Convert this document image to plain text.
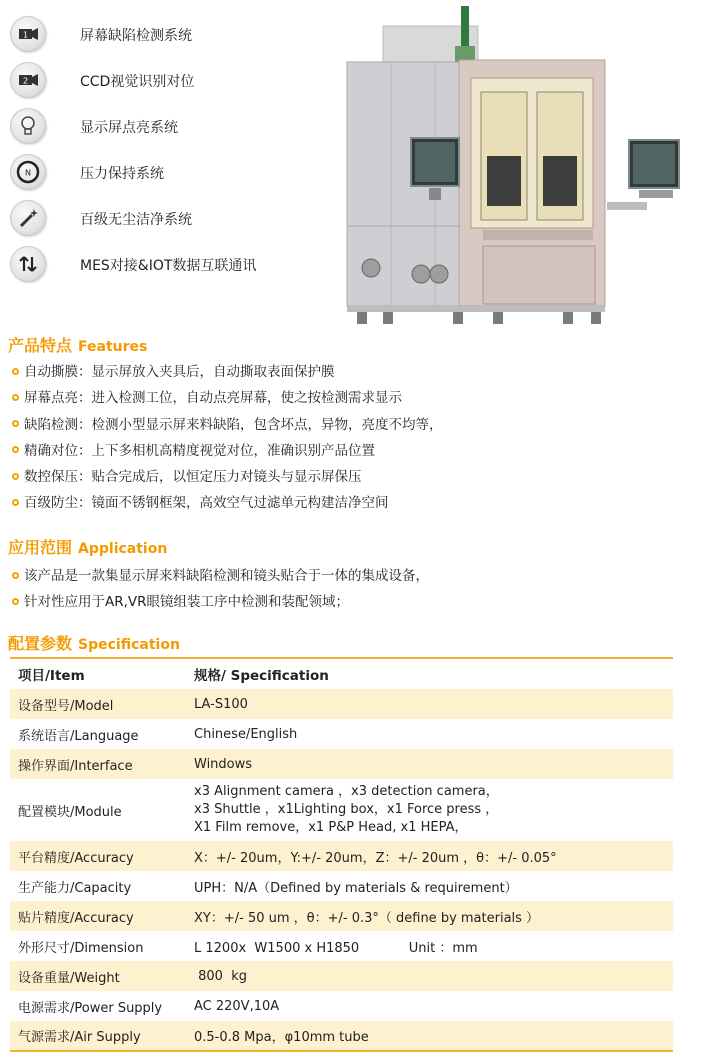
1	屏幕缺陷检测系统
2	CCD视觉识别对位
显示屏点亮系统
N	压力保持系统
百级无尘洁净系统
MES对接&IOT数据互联通讯
产品特点 Features
自动撕膜：显示屏放入夹具后，自动撕取表面保护膜
屏幕点亮：进入检测工位，自动点亮屏幕，使之按检测需求显示
缺陷检测：检测小型显示屏来料缺陷，包含坏点，异物，亮度不均等，
精确对位：上下多相机高精度视觉对位，准确识别产品位置
数控保压：贴合完成后，以恒定压力对镜头与显示屏保压
百级防尘：镜面不锈钢框架，高效空气过滤单元构建洁净空间
应用范围 Application
该产品是一款集显示屏来料缺陷检测和镜头贴合于一体的集成设备，
针对性应用于AR,VR眼镜组装工序中检测和装配领域；
配置参数 Specification
项目/Item	规格/ Specification
设备型号/Model	LA-S100
系统语言/Language	Chinese/English
操作界面/Interface	Windows
配置模块/Module	x3 Alignment camera ，x3 detection camera，
x3 Shuttle ，x1Lighting box，x1 Force press ，
X1 Film remove，x1 P&P Head, x1 HEPA，

平台精度/Accuracy	X：+/- 20um，Y:+/- 20um，Z：+/- 20um ，θ：+/- 0.05°
生产能力/Capacity	UPH：N/A（Defined by materials & requirement）
贴片精度/Accuracy	XY：+/- 50 um ，θ：+/- 0.3°（ define by materials ）
外形尺寸/Dimension	L 1200x  W1500 x H1850            Unit ：mm
设备重量/Weight	800  kg
电源需求/Power Supply	AC 220V,10A
气源需求/Air Supply	0.5-0.8 Mpa，φ10mm tube
